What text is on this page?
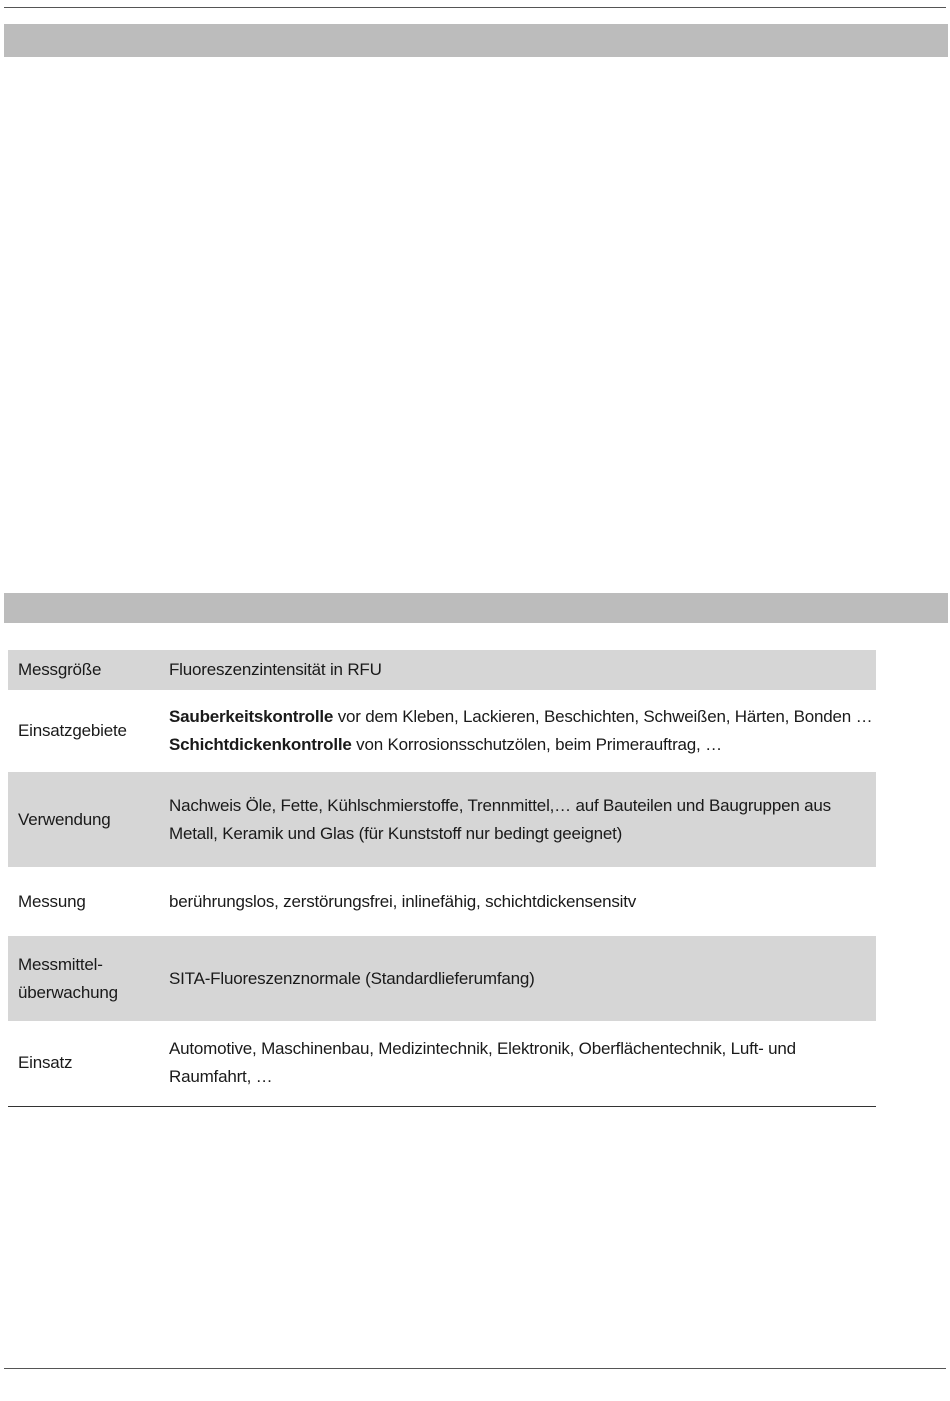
Messgröße	Fluoreszenzintensität in RFU
Einsatzgebiete	Sauberkeitskontrolle vor dem Kleben, Lackieren, Beschichten, Schweißen, Härten, Bonden …
Schichtdickenkontrolle von Korrosionsschutzölen, beim Primerauftrag, …

Verwendung	Nachweis Öle, Fette, Kühlschmierstoffe, Trennmittel,… auf Bauteilen und Baugruppen aus
Metall, Keramik und Glas (für Kunststoff nur bedingt geeignet)

Messung	berührungslos, zerstörungsfrei, inlinefähig, schichtdickensensitv

Messmittel-
überwachung	SITA-Fluoreszenznormale (Standardlieferumfang)
Einsatz	Automotive, Maschinenbau, Medizintechnik, Elektronik, Oberflächentechnik, Luft- und
Raumfahrt, …
